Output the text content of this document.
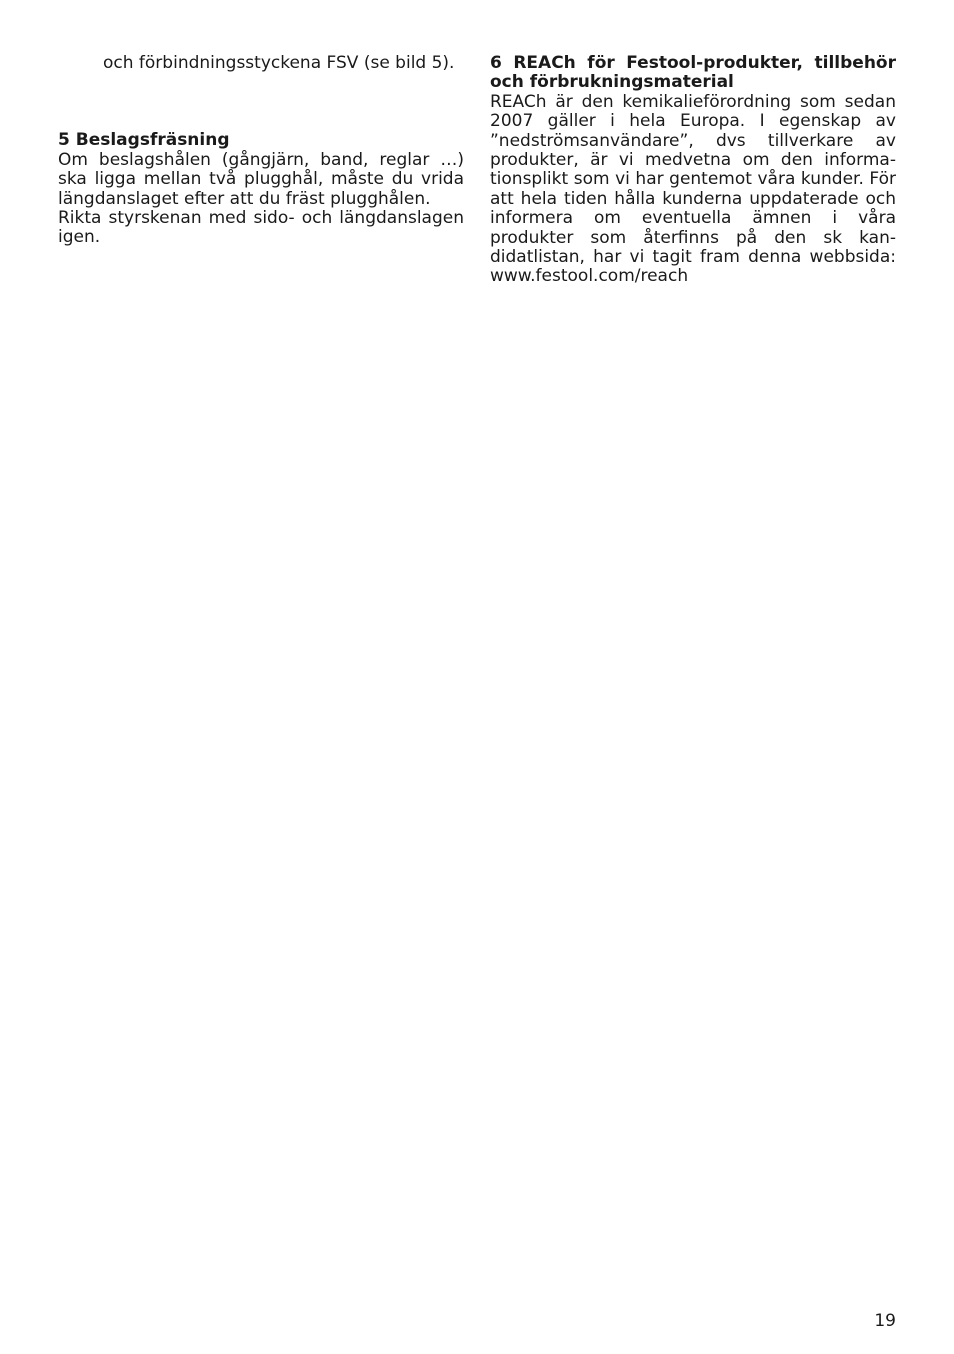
och förbindningsstyckena FSV (se bild 5).

5 Beslagsfräsning

Om beslagshålen (gångjärn, band, reglar …) ska ligga mellan två plugghål, måste du vrida längdanslaget efter att du fräst plugghålen.

Rikta styrskenan med sido- och längdanslagen igen.

6 REACh för Festool-produkter, tillbehör och förbrukningsmaterial

REACh är den kemikalieförordning som sedan 2007 gäller i hela Europa. I egenskap av ”nedströmsanvändare”, dvs tillverkare av produkter, är vi medvetna om den informationsplikt som vi har gentemot våra kunder. För att hela tiden hålla kunderna uppdaterade och informera om eventuella ämnen i våra produkter som återfinns på den sk kandidatlistan, har vi tagit fram denna webbsida: www.festool.com/reach

19
